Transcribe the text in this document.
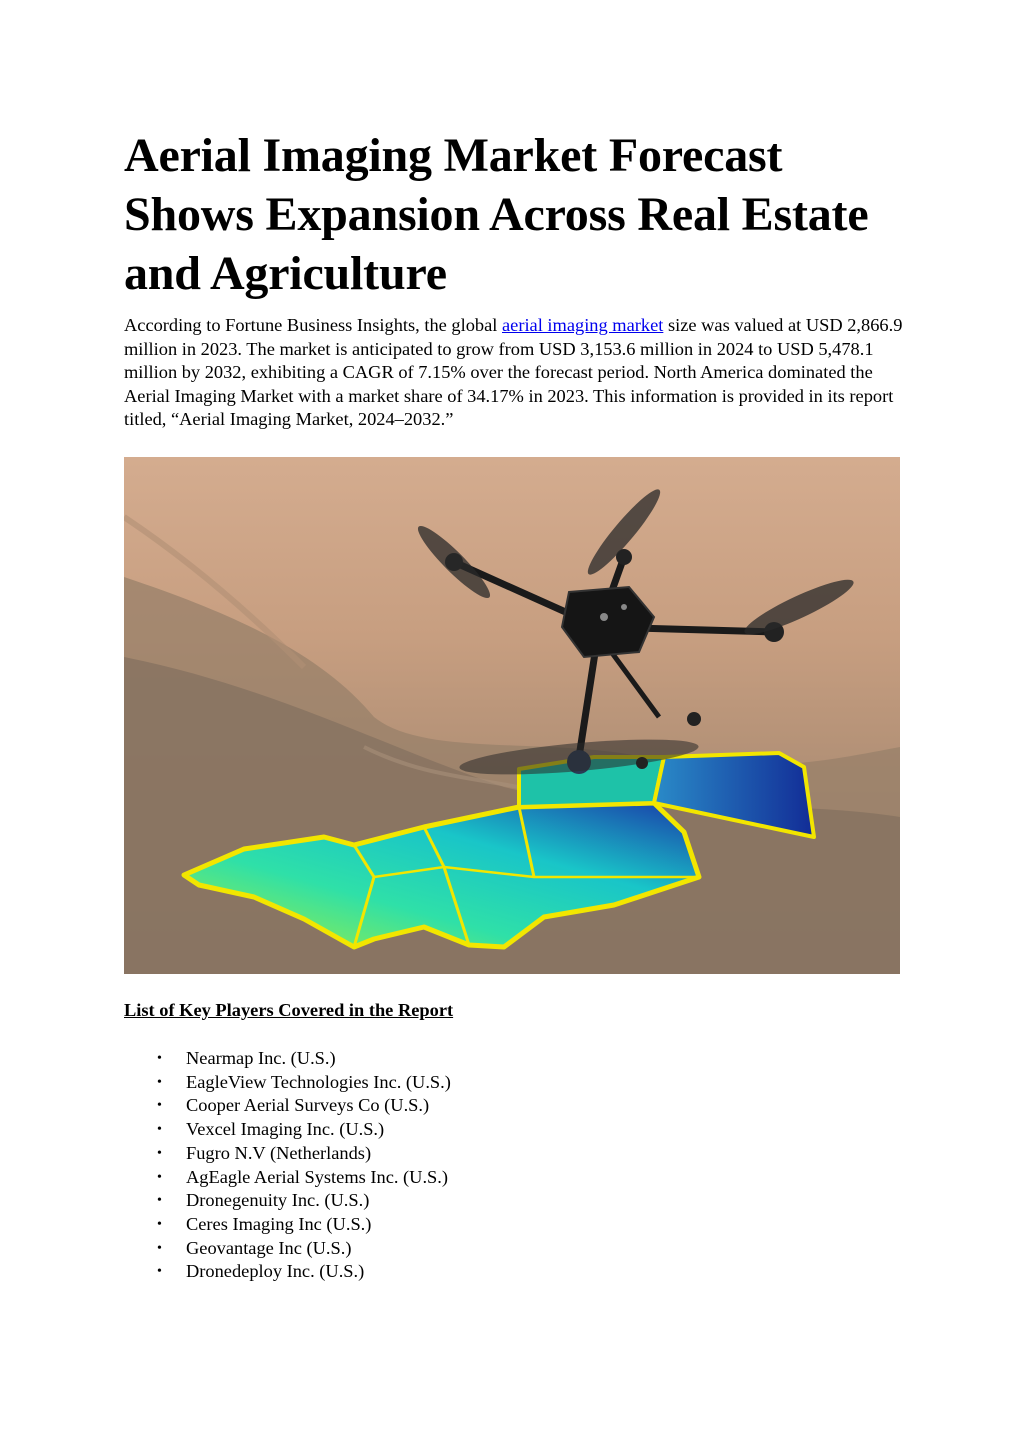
Aerial Imaging Market Forecast Shows Expansion Across Real Estate and Agriculture

According to Fortune Business Insights, the global aerial imaging market size was valued at USD 2,866.9 million in 2023. The market is anticipated to grow from USD 3,153.6 million in 2024 to USD 5,478.1 million by 2032, exhibiting a CAGR of 7.15% over the forecast period. North America dominated the Aerial Imaging Market with a market share of 34.17% in 2023. This information is provided in its report titled, “Aerial Imaging Market, 2024–2032.”

List of Key Players Covered in the Report

• Nearmap Inc. (U.S.)
• EagleView Technologies Inc. (U.S.)
• Cooper Aerial Surveys Co (U.S.)
• Vexcel Imaging Inc. (U.S.)
• Fugro N.V (Netherlands)
• AgEagle Aerial Systems Inc. (U.S.)
• Dronegenuity Inc. (U.S.)
• Ceres Imaging Inc (U.S.)
• Geovantage Inc (U.S.)
• Dronedeploy Inc. (U.S.)
